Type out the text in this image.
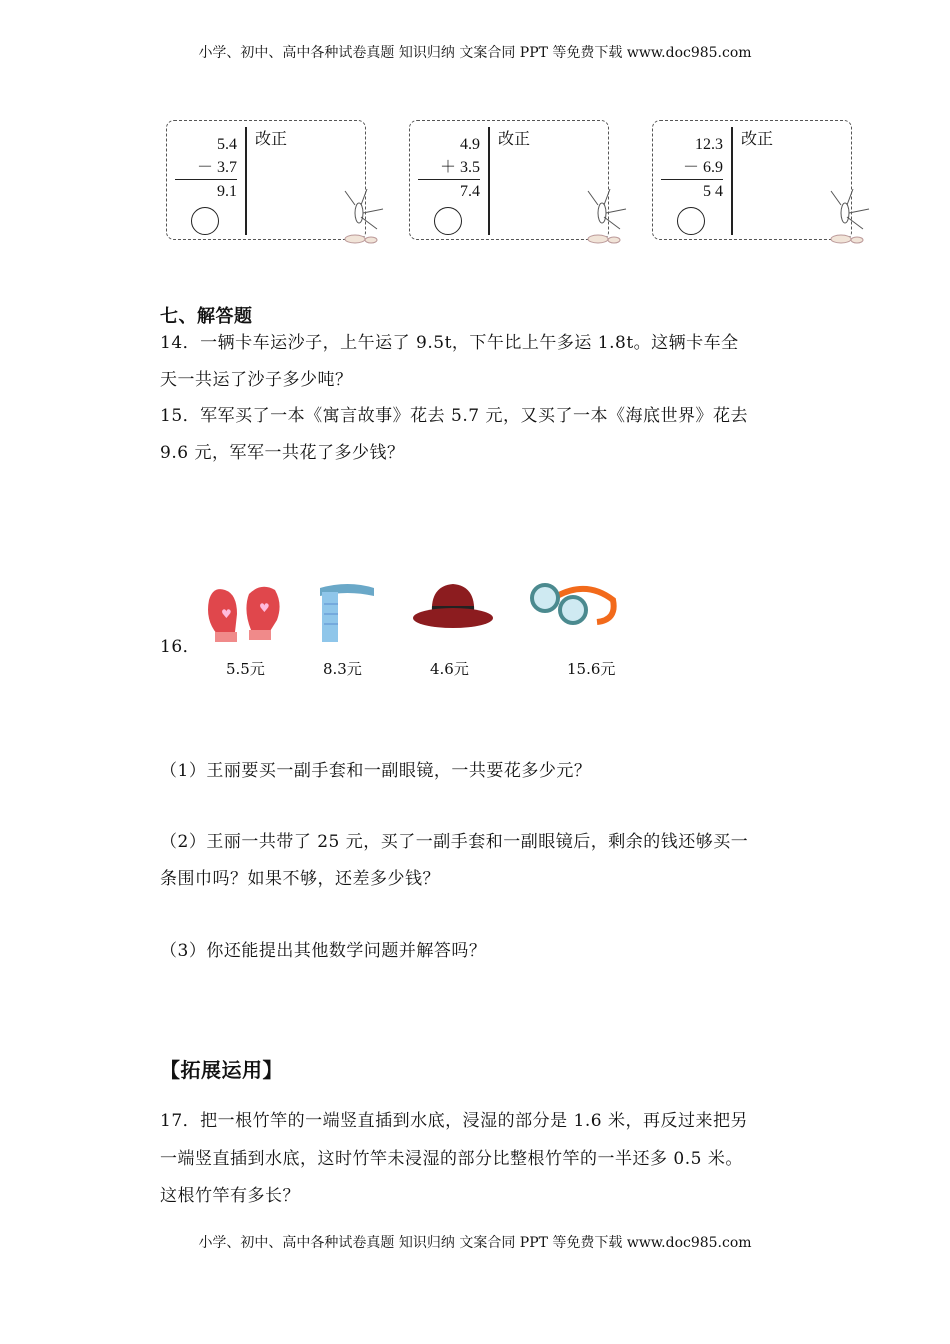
小学、初中、高中各种试卷真题 知识归纳 文案合同 PPT 等免费下载 www.doc985.com
5.4
－ 3.7
9.1
改正	4.9
＋ 3.5
7.4
改正	12.3
－ 6.9
5 4
改正
七、解答题
14．一辆卡车运沙子，上午运了 9.5t，下午比上午多运 1.8t。这辆卡车全
天一共运了沙子多少吨？
15．军军买了一本《寓言故事》花去 5.7 元，又买了一本《海底世界》花去
9.6 元，军军一共花了多少钱？
16．
♥ ♥
5.5元	8.3元	4.6元	15.6元
（1）王丽要买一副手套和一副眼镜，一共要花多少元？
（2）王丽一共带了 25 元，买了一副手套和一副眼镜后，剩余的钱还够买一
条围巾吗？如果不够，还差多少钱？
（3）你还能提出其他数学问题并解答吗？
【拓展运用】
17．把一根竹竿的一端竖直插到水底，浸湿的部分是 1.6 米，再反过来把另
一端竖直插到水底，这时竹竿未浸湿的部分比整根竹竿的一半还多 0.5 米。
这根竹竿有多长？
小学、初中、高中各种试卷真题 知识归纳 文案合同 PPT 等免费下载 www.doc985.com
